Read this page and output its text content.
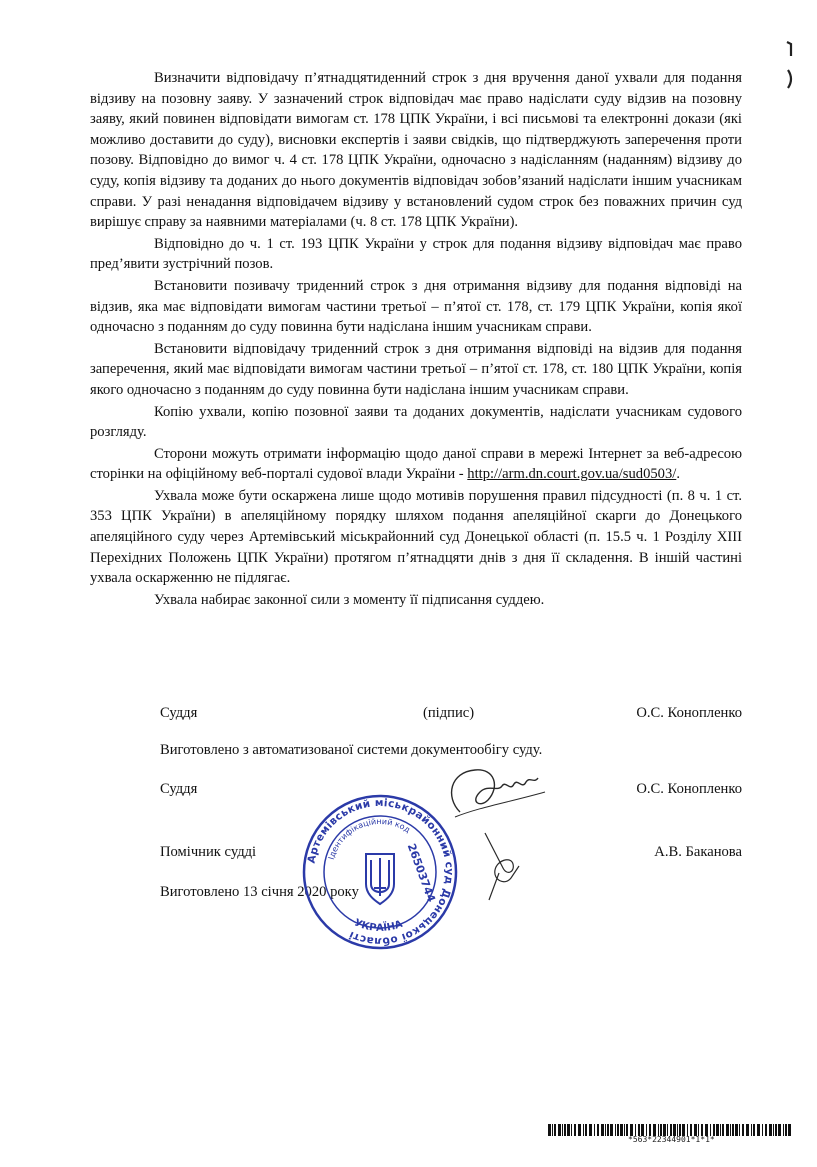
Визначити відповідачу п’ятнадцятиденний строк з дня вручення даної ухвали для подання відзиву на позовну заяву. У зазначений строк відповідач має право надіслати суду відзив на позовну заяву, який повинен відповідати вимогам ст. 178 ЦПК України, і всі письмові та електронні докази (які можливо доставити до суду), висновки експертів і заяви свідків, що підтверджують заперечення проти позову. Відповідно до вимог ч. 4 ст. 178 ЦПК України, одночасно з надісланням (наданням) відзиву до суду, копія відзиву та доданих до нього документів відповідач зобов’язаний надіслати іншим учасникам справи. У разі ненадання відповідачем відзиву у встановлений судом строк без поважних причин суд вирішує справу за наявними матеріалами (ч. 8 ст. 178 ЦПК України).

Відповідно до ч. 1 ст. 193 ЦПК України у строк для подання відзиву відповідач має право пред’явити зустрічний позов.

Встановити позивачу триденний строк з дня отримання відзиву для подання відповіді на відзив, яка має відповідати вимогам частини третьої – п’ятої ст. 178, ст. 179 ЦПК України, копія якої одночасно з поданням до суду повинна бути надіслана іншим учасникам справи.

Встановити відповідачу триденний строк з дня отримання відповіді на відзив для подання заперечення, який має відповідати вимогам частини третьої – п’ятої ст. 178, ст. 180 ЦПК України, копія якого одночасно з поданням до суду повинна бути надіслана іншим учасникам справи.

Копію ухвали, копію позовної заяви та доданих документів, надіслати учасникам судового розгляду.

Сторони можуть отримати інформацію щодо даної справи в мережі Інтернет за веб-адресою сторінки на офіційному веб-порталі судової влади України - http://arm.dn.court.gov.ua/sud0503/.

Ухвала може бути оскаржена лише щодо мотивів порушення правил підсудності (п. 8 ч. 1 ст. 353 ЦПК України) в апеляційному порядку шляхом подання апеляційної скарги до Донецького апеляційного суду через Артемівський міськрайонний суд Донецької області (п. 15.5 ч. 1 Розділу XIII Перехідних Положень ЦПК України) протягом п’ятнадцяти днів з дня її складення. В іншій частині ухвала оскарженню не підлягає.

Ухвала набирає законної сили з моменту її підписання суддею.

Суддя	(підпис)	О.С. Конопленко
Виготовлено з автоматизованої системи документообігу суду.
Суддя	О.С. Конопленко
Помічник судді	А.В. Баканова
Виготовлено 13 січня 2020 року
Артемівський міськрайонний суд Донецької області
Ідентифікаційний код
УКРАЇНА
26503744
*563*22344901*1*1*
